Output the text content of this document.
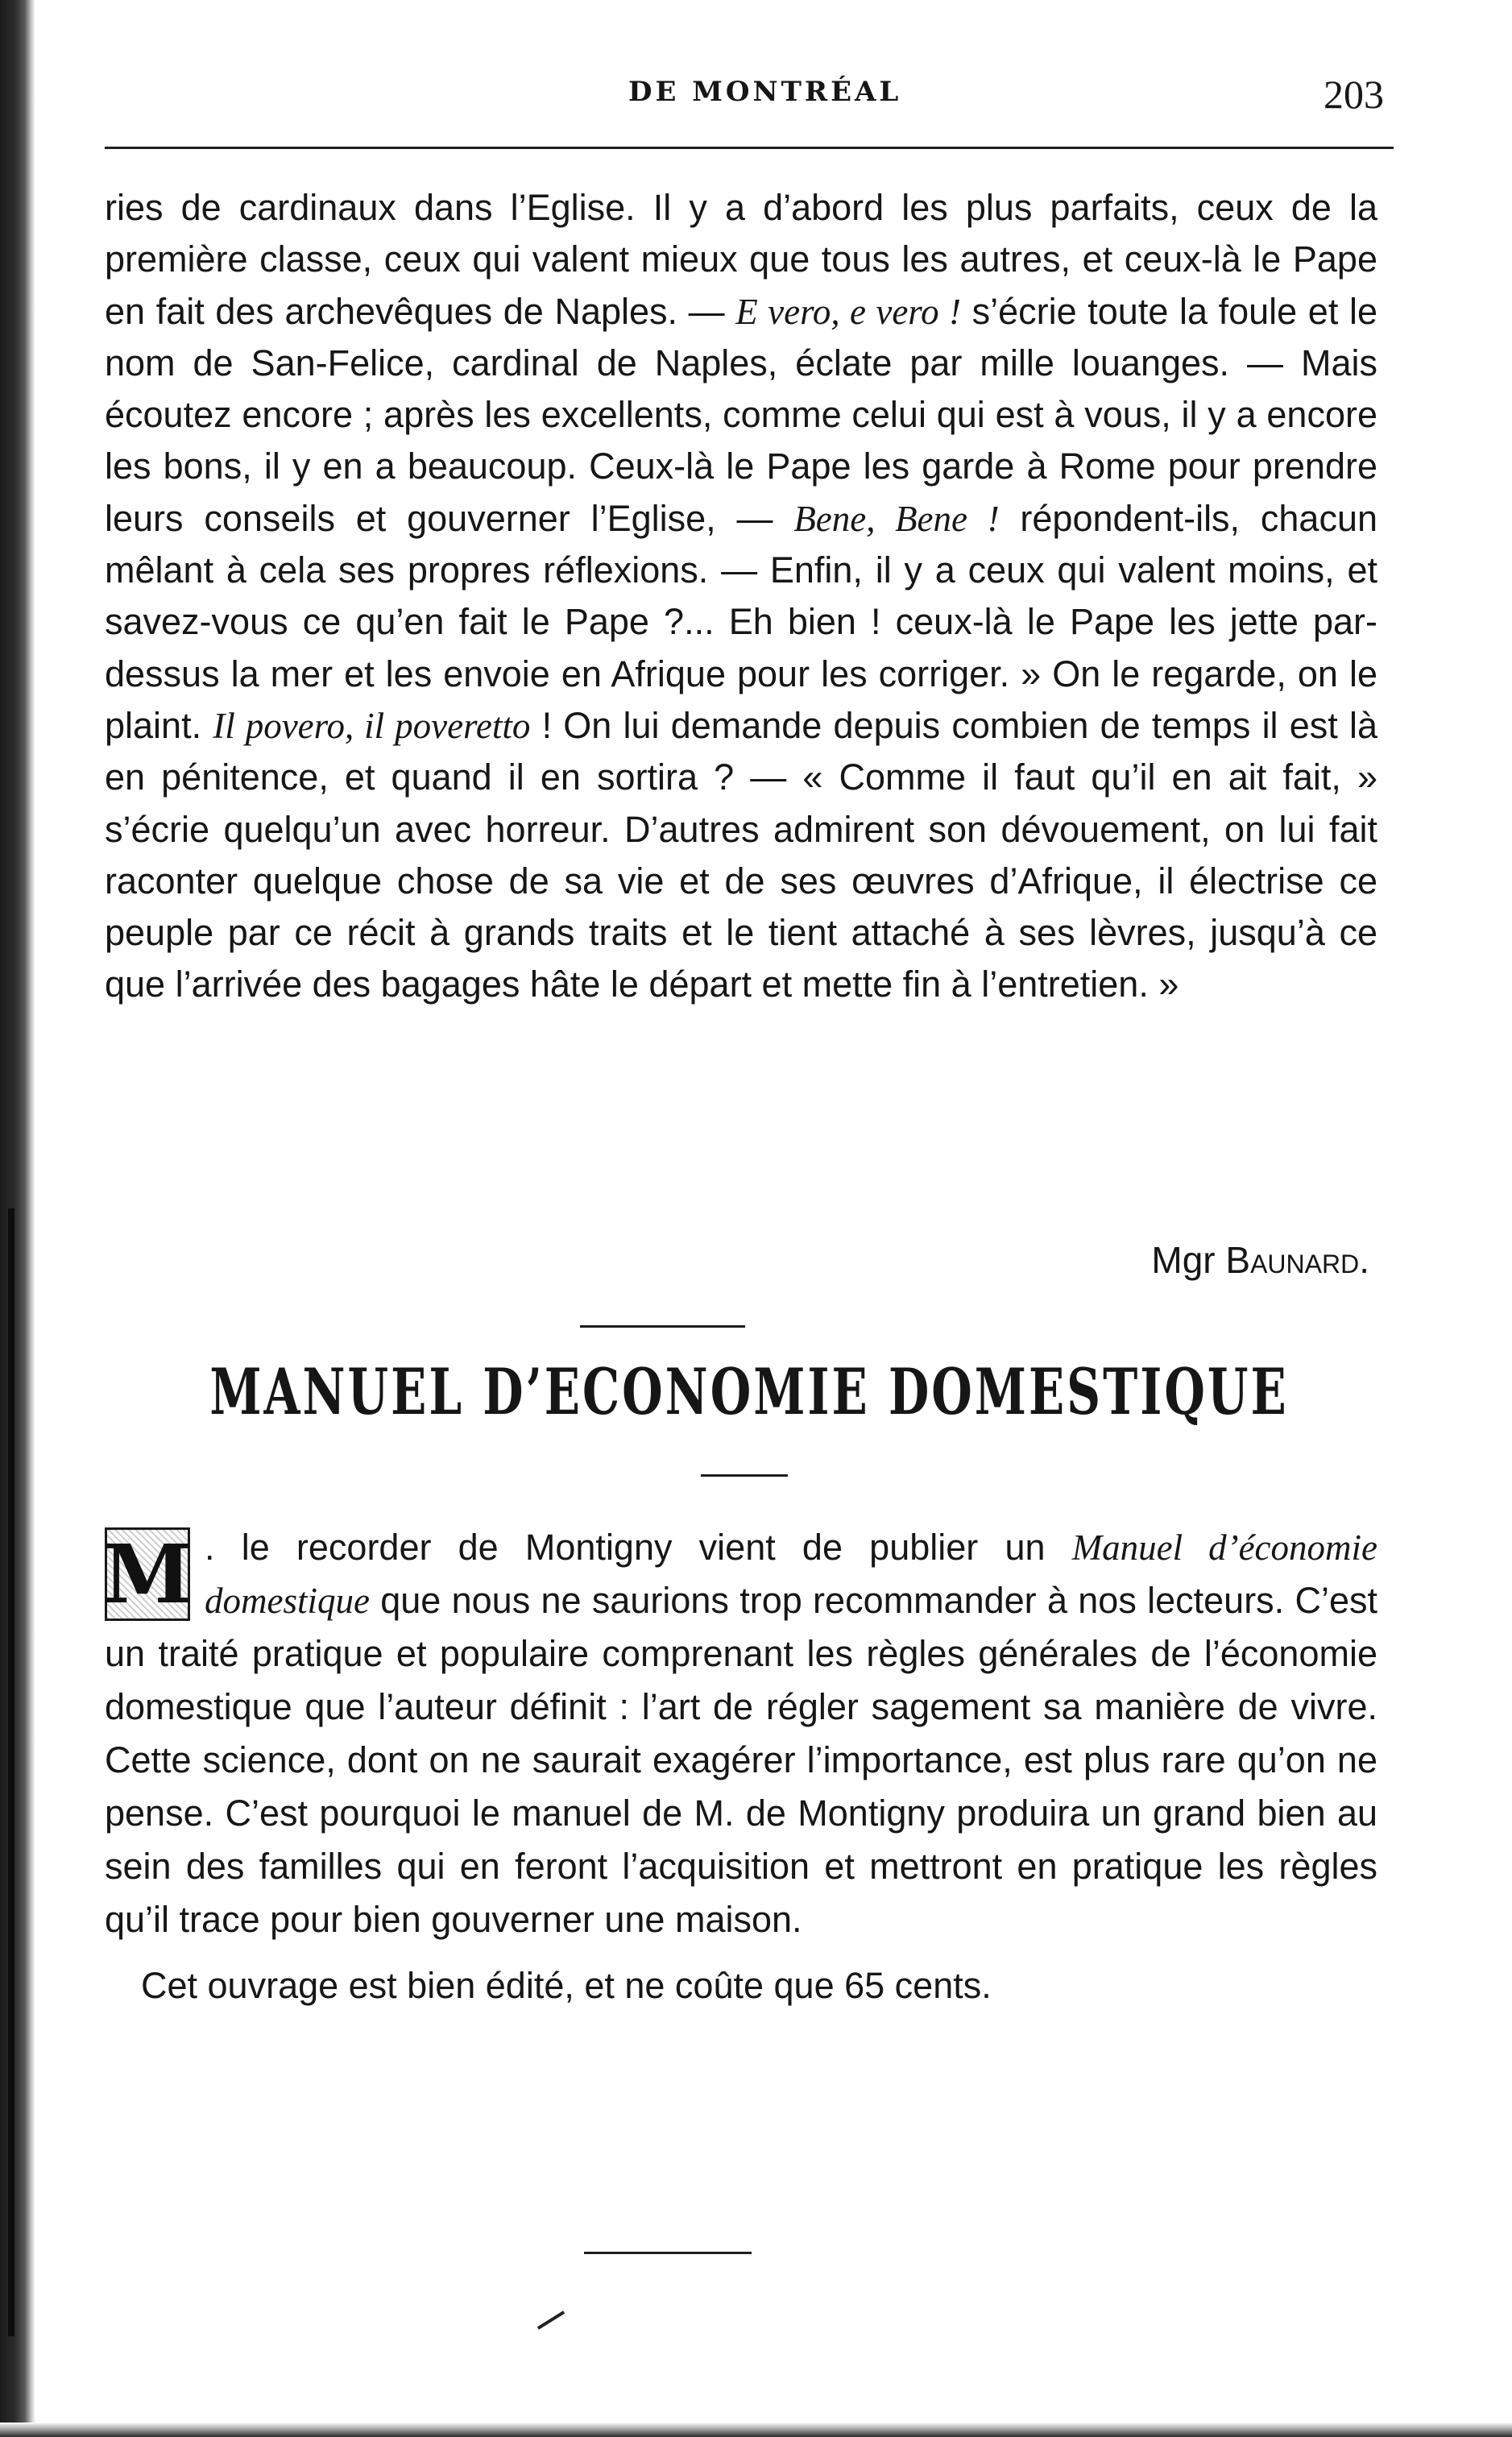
DE MONTRÉAL	203

ries de cardinaux dans l’Eglise. Il y a d’abord les plus parfaits, ceux de la première classe, ceux qui valent mieux que tous les autres, et ceux-là le Pape en fait des archevêques de Naples. — E vero, e vero ! s’écrie toute la foule et le nom de San-Felice, cardinal de Naples, éclate par mille louanges. — Mais écoutez encore ; après les excellents, comme celui qui est à vous, il y a encore les bons, il y en a beaucoup. Ceux-là le Pape les garde à Rome pour prendre leurs conseils et gouverner l’Eglise, — Bene, Bene ! répondent-ils, chacun mêlant à cela ses propres réflexions. — Enfin, il y a ceux qui valent moins, et savez-vous ce qu’en fait le Pape ?... Eh bien ! ceux-là le Pape les jette par-dessus la mer et les envoie en Afrique pour les corriger. » On le regarde, on le plaint. Il povero, il poveretto ! On lui demande depuis combien de temps il est là en pénitence, et quand il en sortira ? — « Comme il faut qu’il en ait fait, » s’écrie quelqu’un avec horreur. D’autres admirent son dévouement, on lui fait raconter quelque chose de sa vie et de ses œuvres d’Afrique, il électrise ce peuple par ce récit à grands traits et le tient attaché à ses lèvres, jusqu’à ce que l’arrivée des bagages hâte le départ et mette fin à l’entretien. »

Mgr Baunard.
MANUEL D’ECONOMIE DOMESTIQUE

M . le recorder de Montigny vient de publier un Manuel d’économie domestique que nous ne saurions trop recommander à nos lecteurs. C’est un traité pratique et populaire comprenant les règles générales de l’économie domestique que l’auteur définit : l’art de régler sagement sa manière de vivre. Cette science, dont on ne saurait exagérer l’importance, est plus rare qu’on ne pense. C’est pourquoi le manuel de M. de Montigny produira un grand bien au sein des familles qui en feront l’acquisition et mettront en pratique les règles qu’il trace pour bien gouverner une maison.

Cet ouvrage est bien édité, et ne coûte que 65 cents.
